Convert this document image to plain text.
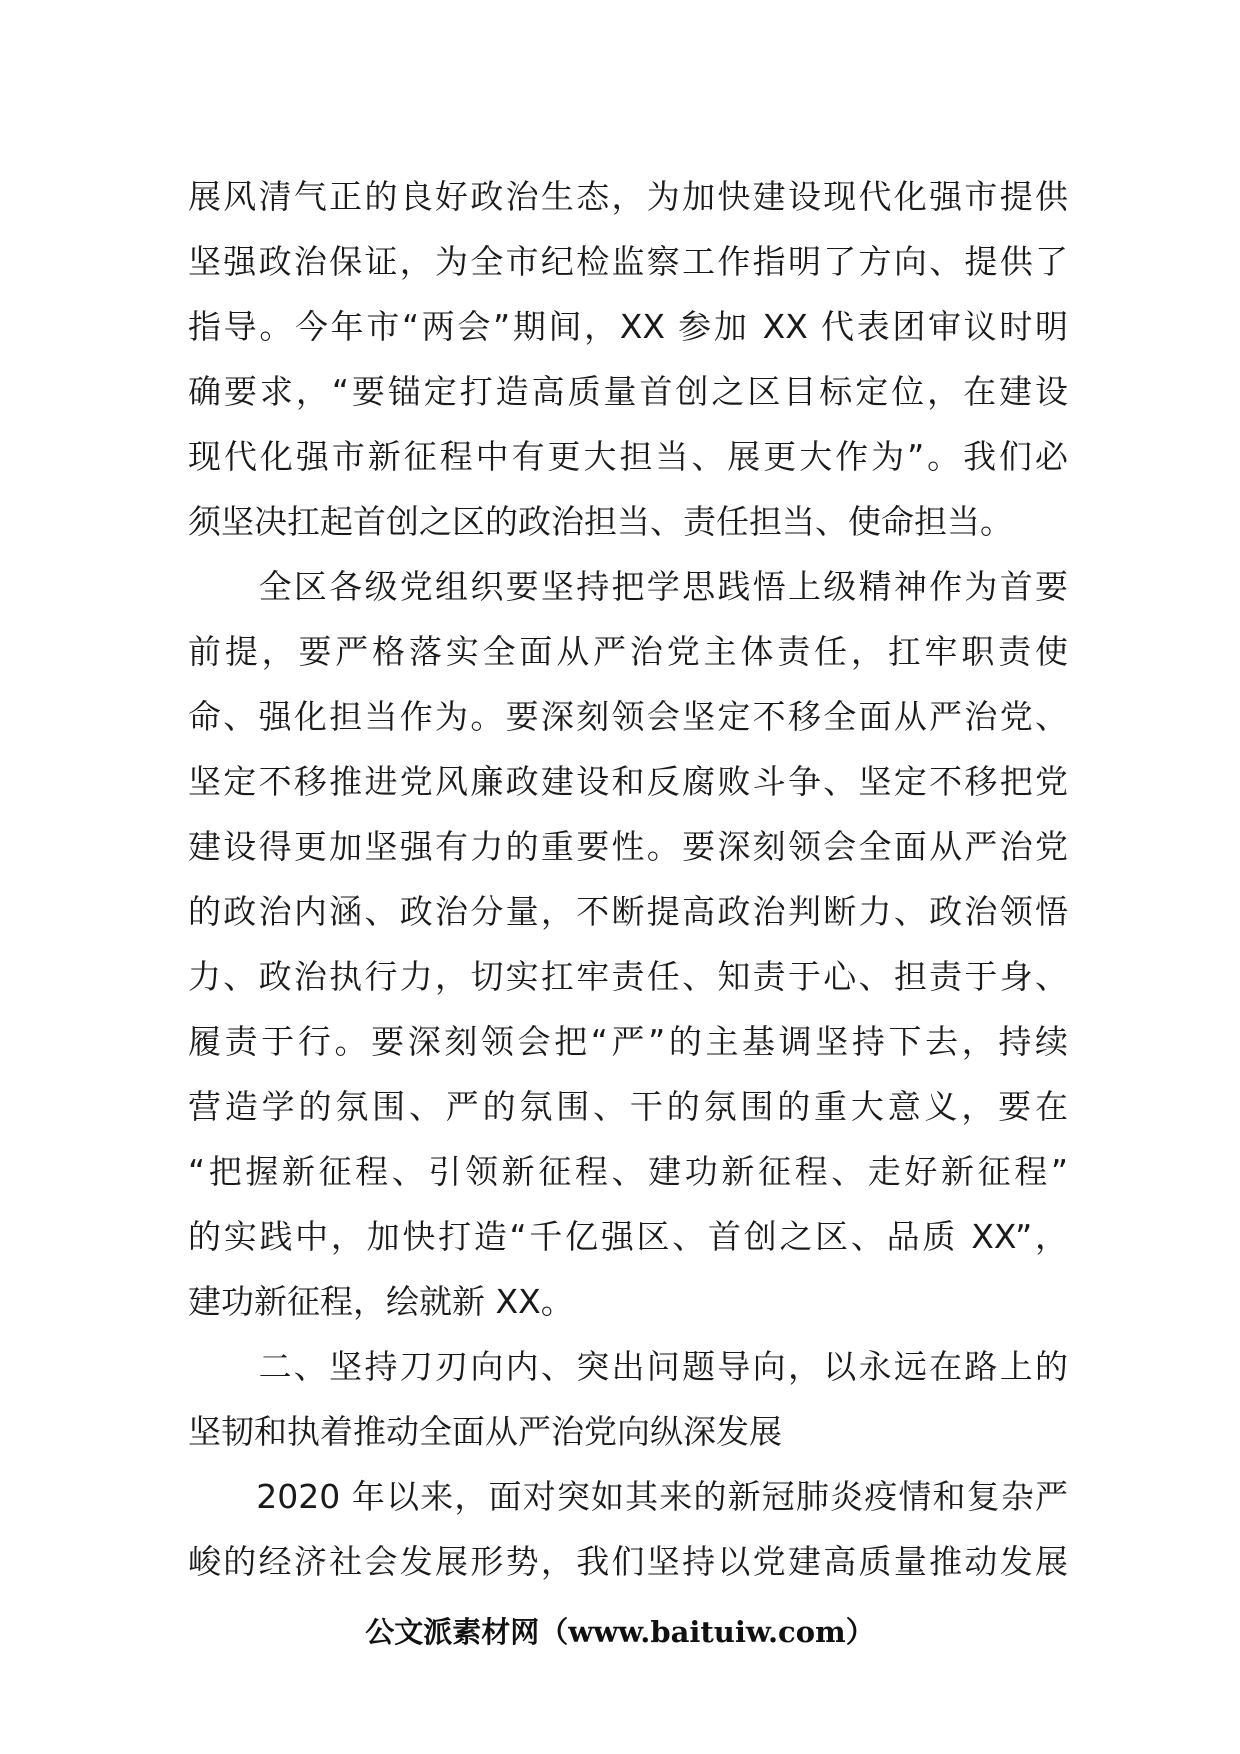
展风清气正的良好政治生态，为加快建设现代化强市提供
坚强政治保证，为全市纪检监察工作指明了方向、提供了
指导。今年市“两会”期间，XX 参加 XX 代表团审议时明
确要求，“要锚定打造高质量首创之区目标定位，在建设
现代化强市新征程中有更大担当、展更大作为”。我们必
须坚决扛起首创之区的政治担当、责任担当、使命担当。
　　全区各级党组织要坚持把学思践悟上级精神作为首要
前提，要严格落实全面从严治党主体责任，扛牢职责使
命、强化担当作为。要深刻领会坚定不移全面从严治党、
坚定不移推进党风廉政建设和反腐败斗争、坚定不移把党
建设得更加坚强有力的重要性。要深刻领会全面从严治党
的政治内涵、政治分量，不断提高政治判断力、政治领悟
力、政治执行力，切实扛牢责任、知责于心、担责于身、
履责于行。要深刻领会把“严”的主基调坚持下去，持续
营造学的氛围、严的氛围、干的氛围的重大意义，要在
“把握新征程、引领新征程、建功新征程、走好新征程”
的实践中，加快打造“千亿强区、首创之区、品质 XX”，
建功新征程，绘就新 XX。
　　二、坚持刀刃向内、突出问题导向，以永远在路上的
坚韧和执着推动全面从严治党向纵深发展
　　2020 年以来，面对突如其来的新冠肺炎疫情和复杂严
峻的经济社会发展形势，我们坚持以党建高质量推动发展
公文派素材网（www.baituiw.com）
